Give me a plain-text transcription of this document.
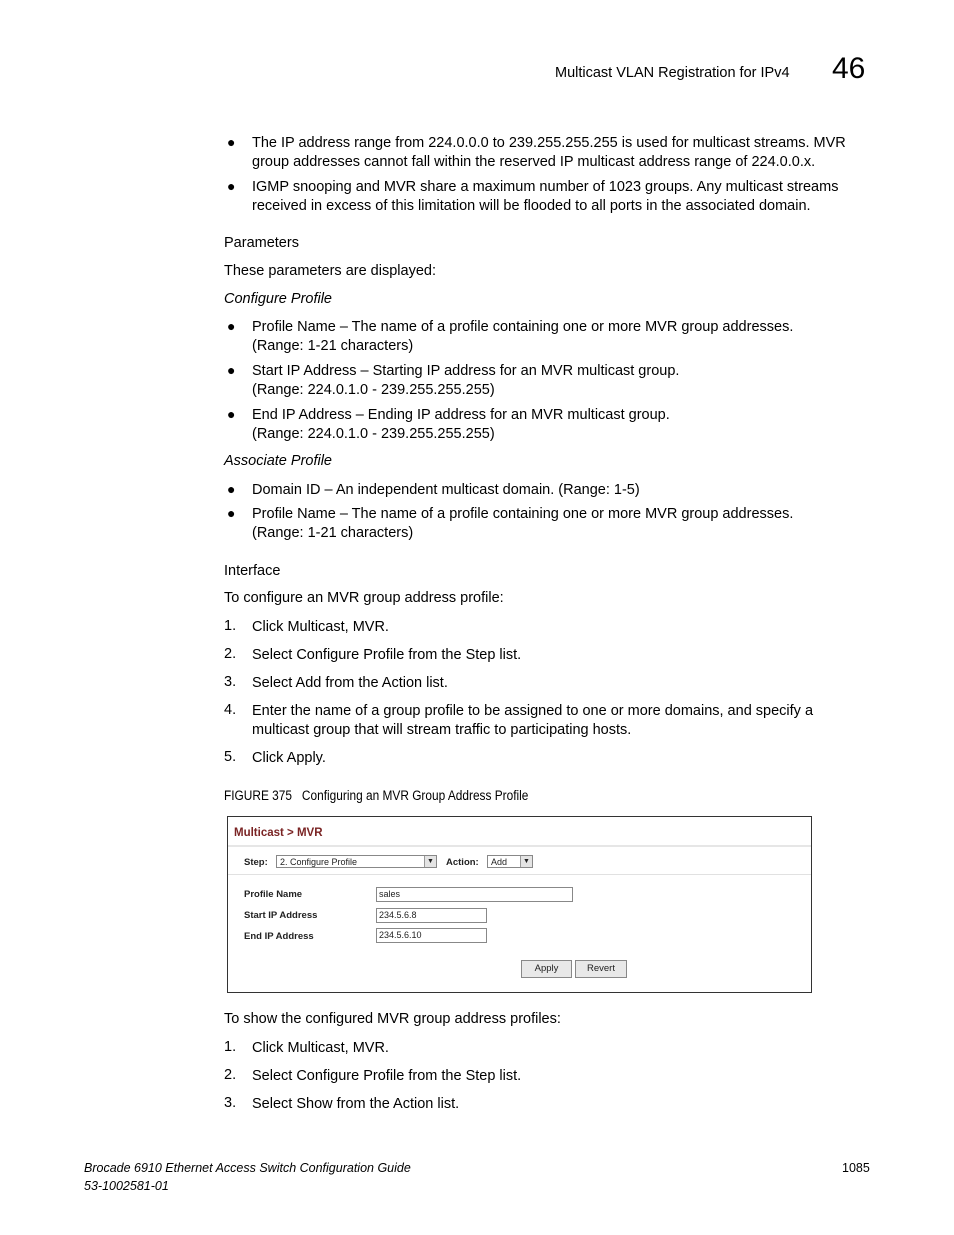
Multicast VLAN Registration for IPv4 46
● The IP address range from 224.0.0.0 to 239.255.255.255 is used for multicast streams. MVR group addresses cannot fall within the reserved IP multicast address range of 224.0.0.x.
● IGMP snooping and MVR share a maximum number of 1023 groups. Any multicast streams received in excess of this limitation will be flooded to all ports in the associated domain.
Parameters
These parameters are displayed:
Configure Profile
● Profile Name – The name of a profile containing one or more MVR group addresses.
(Range: 1-21 characters)
● Start IP Address – Starting IP address for an MVR multicast group.
(Range: 224.0.1.0 - 239.255.255.255)
● End IP Address – Ending IP address for an MVR multicast group.
(Range: 224.0.1.0 - 239.255.255.255)
Associate Profile
● Domain ID – An independent multicast domain. (Range: 1-5)
● Profile Name – The name of a profile containing one or more MVR group addresses.
(Range: 1-21 characters)
Interface
To configure an MVR group address profile:
1. Click Multicast, MVR.
2. Select Configure Profile from the Step list.
3. Select Add from the Action list.
4. Enter the name of a group profile to be assigned to one or more domains, and specify a multicast group that will stream traffic to participating hosts.
5. Click Apply.
FIGURE 375 Configuring an MVR Group Address Profile
Multicast > MVR
Step:	2. Configure Profile	▼ Action:	Add	▼
Profile Name	sales
Start IP Address	234.5.6.8
End IP Address	234.5.6.10
Apply	Revert
To show the configured MVR group address profiles:
1. Click Multicast, MVR.
2. Select Configure Profile from the Step list.
3. Select Show from the Action list.
Brocade 6910 Ethernet Access Switch Configuration Guide
53-1002581-01
1085
